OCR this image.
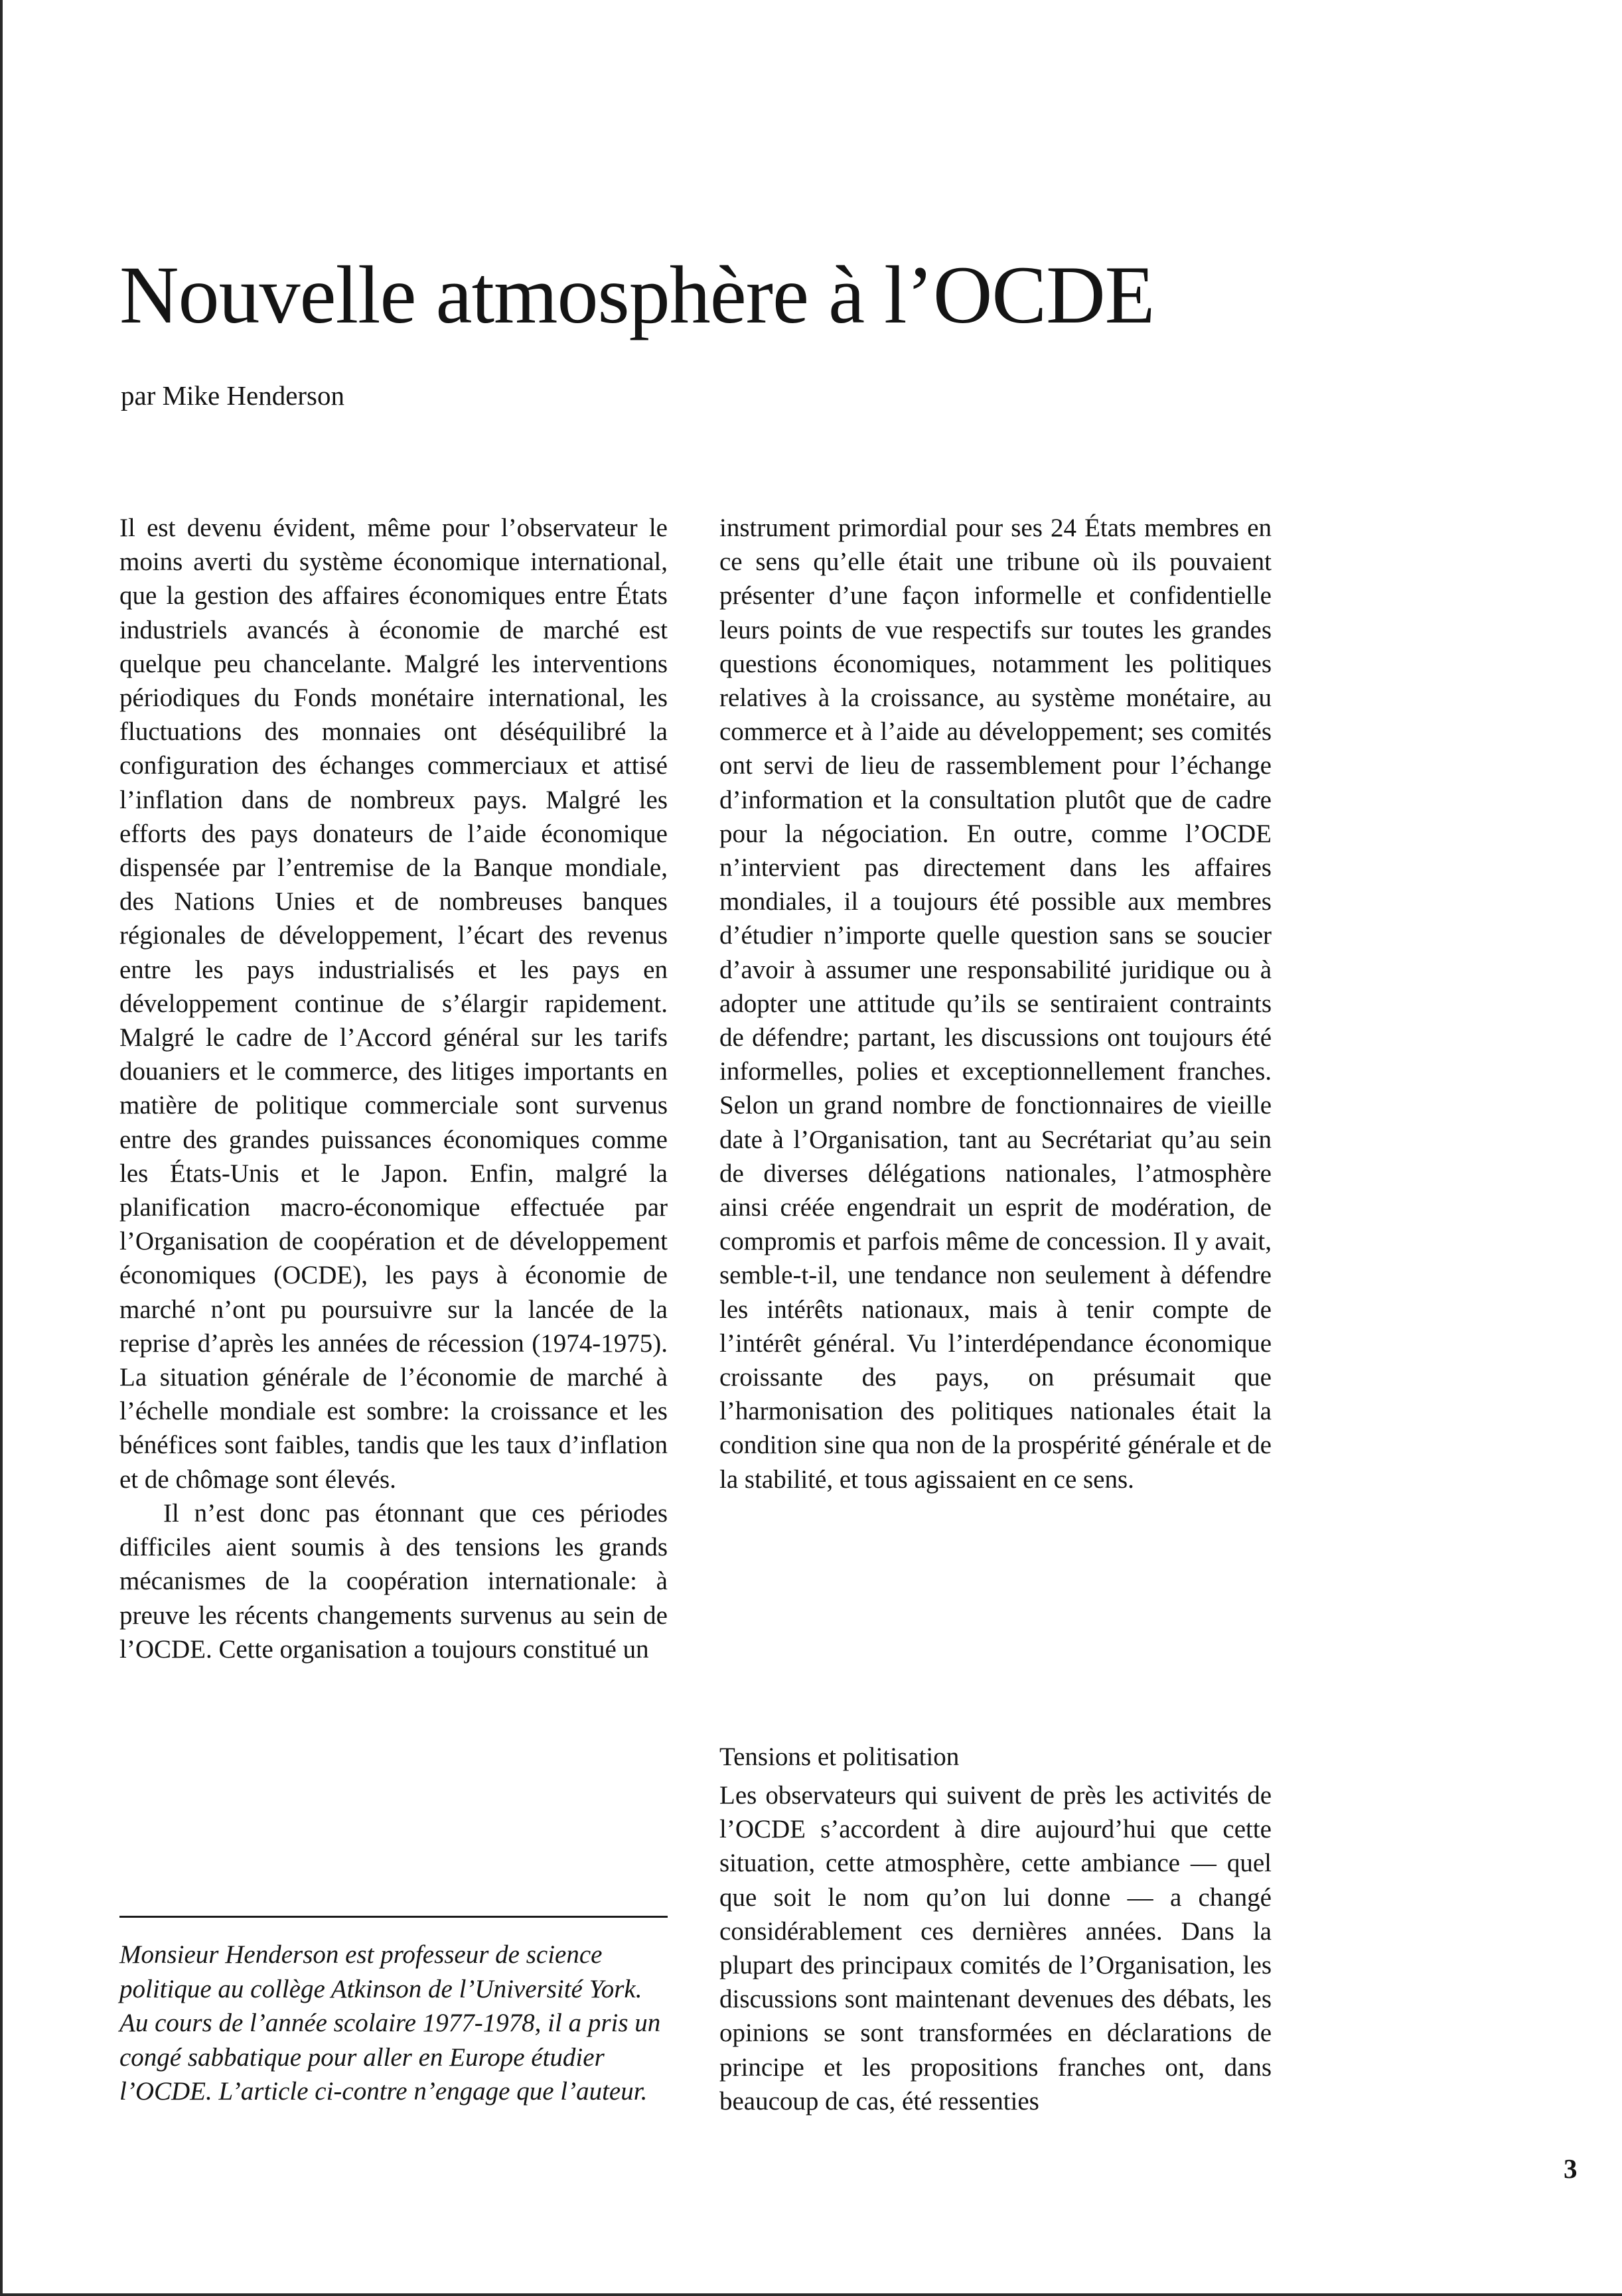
Nouvelle atmosphère à l’OCDE
par Mike Henderson

Il est devenu évident, même pour l’observateur le moins averti du système économique international, que la gestion des affaires économiques entre États industriels avancés à économie de marché est quelque peu chancelante. Malgré les interventions périodiques du Fonds monétaire international, les fluctuations des monnaies ont déséquilibré la configuration des échanges commerciaux et attisé l’inflation dans de nombreux pays. Malgré les efforts des pays donateurs de l’aide économique dispensée par l’entremise de la Banque mondiale, des Nations Unies et de nombreuses banques régionales de développement, l’écart des revenus entre les pays industrialisés et les pays en développement continue de s’élargir rapidement. Malgré le cadre de l’Accord général sur les tarifs douaniers et le commerce, des litiges importants en matière de politique commerciale sont survenus entre des grandes puissances économiques comme les États-Unis et le Japon. Enfin, malgré la planification macro-économique effectuée par l’Organisation de coopération et de développement économiques (OCDE), les pays à économie de marché n’ont pu poursuivre sur la lancée de la reprise d’après les années de récession (1974-1975). La situation générale de l’économie de marché à l’échelle mondiale est sombre: la croissance et les bénéfices sont faibles, tandis que les taux d’inflation et de chômage sont élevés.

Il n’est donc pas étonnant que ces périodes difficiles aient soumis à des tensions les grands mécanismes de la coopération internationale: à preuve les récents changements survenus au sein de l’OCDE. Cette organisation a toujours constitué un

Monsieur Henderson est professeur de science politique au collège Atkinson de l’Université York. Au cours de l’année scolaire 1977-1978, il a pris un congé sabbatique pour aller en Europe étudier l’OCDE. L’article ci-contre n’engage que l’auteur.

instrument primordial pour ses 24 États membres en ce sens qu’elle était une tribune où ils pouvaient présenter d’une façon informelle et confidentielle leurs points de vue respectifs sur toutes les grandes questions économiques, notamment les politiques relatives à la croissance, au système monétaire, au commerce et à l’aide au développement; ses comités ont servi de lieu de rassemblement pour l’échange d’information et la consultation plutôt que de cadre pour la négociation. En outre, comme l’OCDE n’intervient pas directement dans les affaires mondiales, il a toujours été possible aux membres d’étudier n’importe quelle question sans se soucier d’avoir à assumer une responsabilité juridique ou à adopter une attitude qu’ils se sentiraient contraints de défendre; partant, les discussions ont toujours été informelles, polies et exceptionnellement franches. Selon un grand nombre de fonctionnaires de vieille date à l’Organisation, tant au Secrétariat qu’au sein de diverses délégations nationales, l’atmosphère ainsi créée engendrait un esprit de modération, de compromis et parfois même de concession. Il y avait, semble-t-il, une tendance non seulement à défendre les intérêts nationaux, mais à tenir compte de l’intérêt général. Vu l’interdépendance économique croissante des pays, on présumait que l’harmonisation des politiques nationales était la condition sine qua non de la prospérité générale et de la stabilité, et tous agissaient en ce sens.

Tensions et politisation

Les observateurs qui suivent de près les activités de l’OCDE s’accordent à dire aujourd’hui que cette situation, cette atmosphère, cette ambiance — quel que soit le nom qu’on lui donne — a changé considérablement ces dernières années. Dans la plupart des principaux comités de l’Organisation, les discussions sont maintenant devenues des débats, les opinions se sont transformées en déclarations de principe et les propositions franches ont, dans beaucoup de cas, été ressenties

3
